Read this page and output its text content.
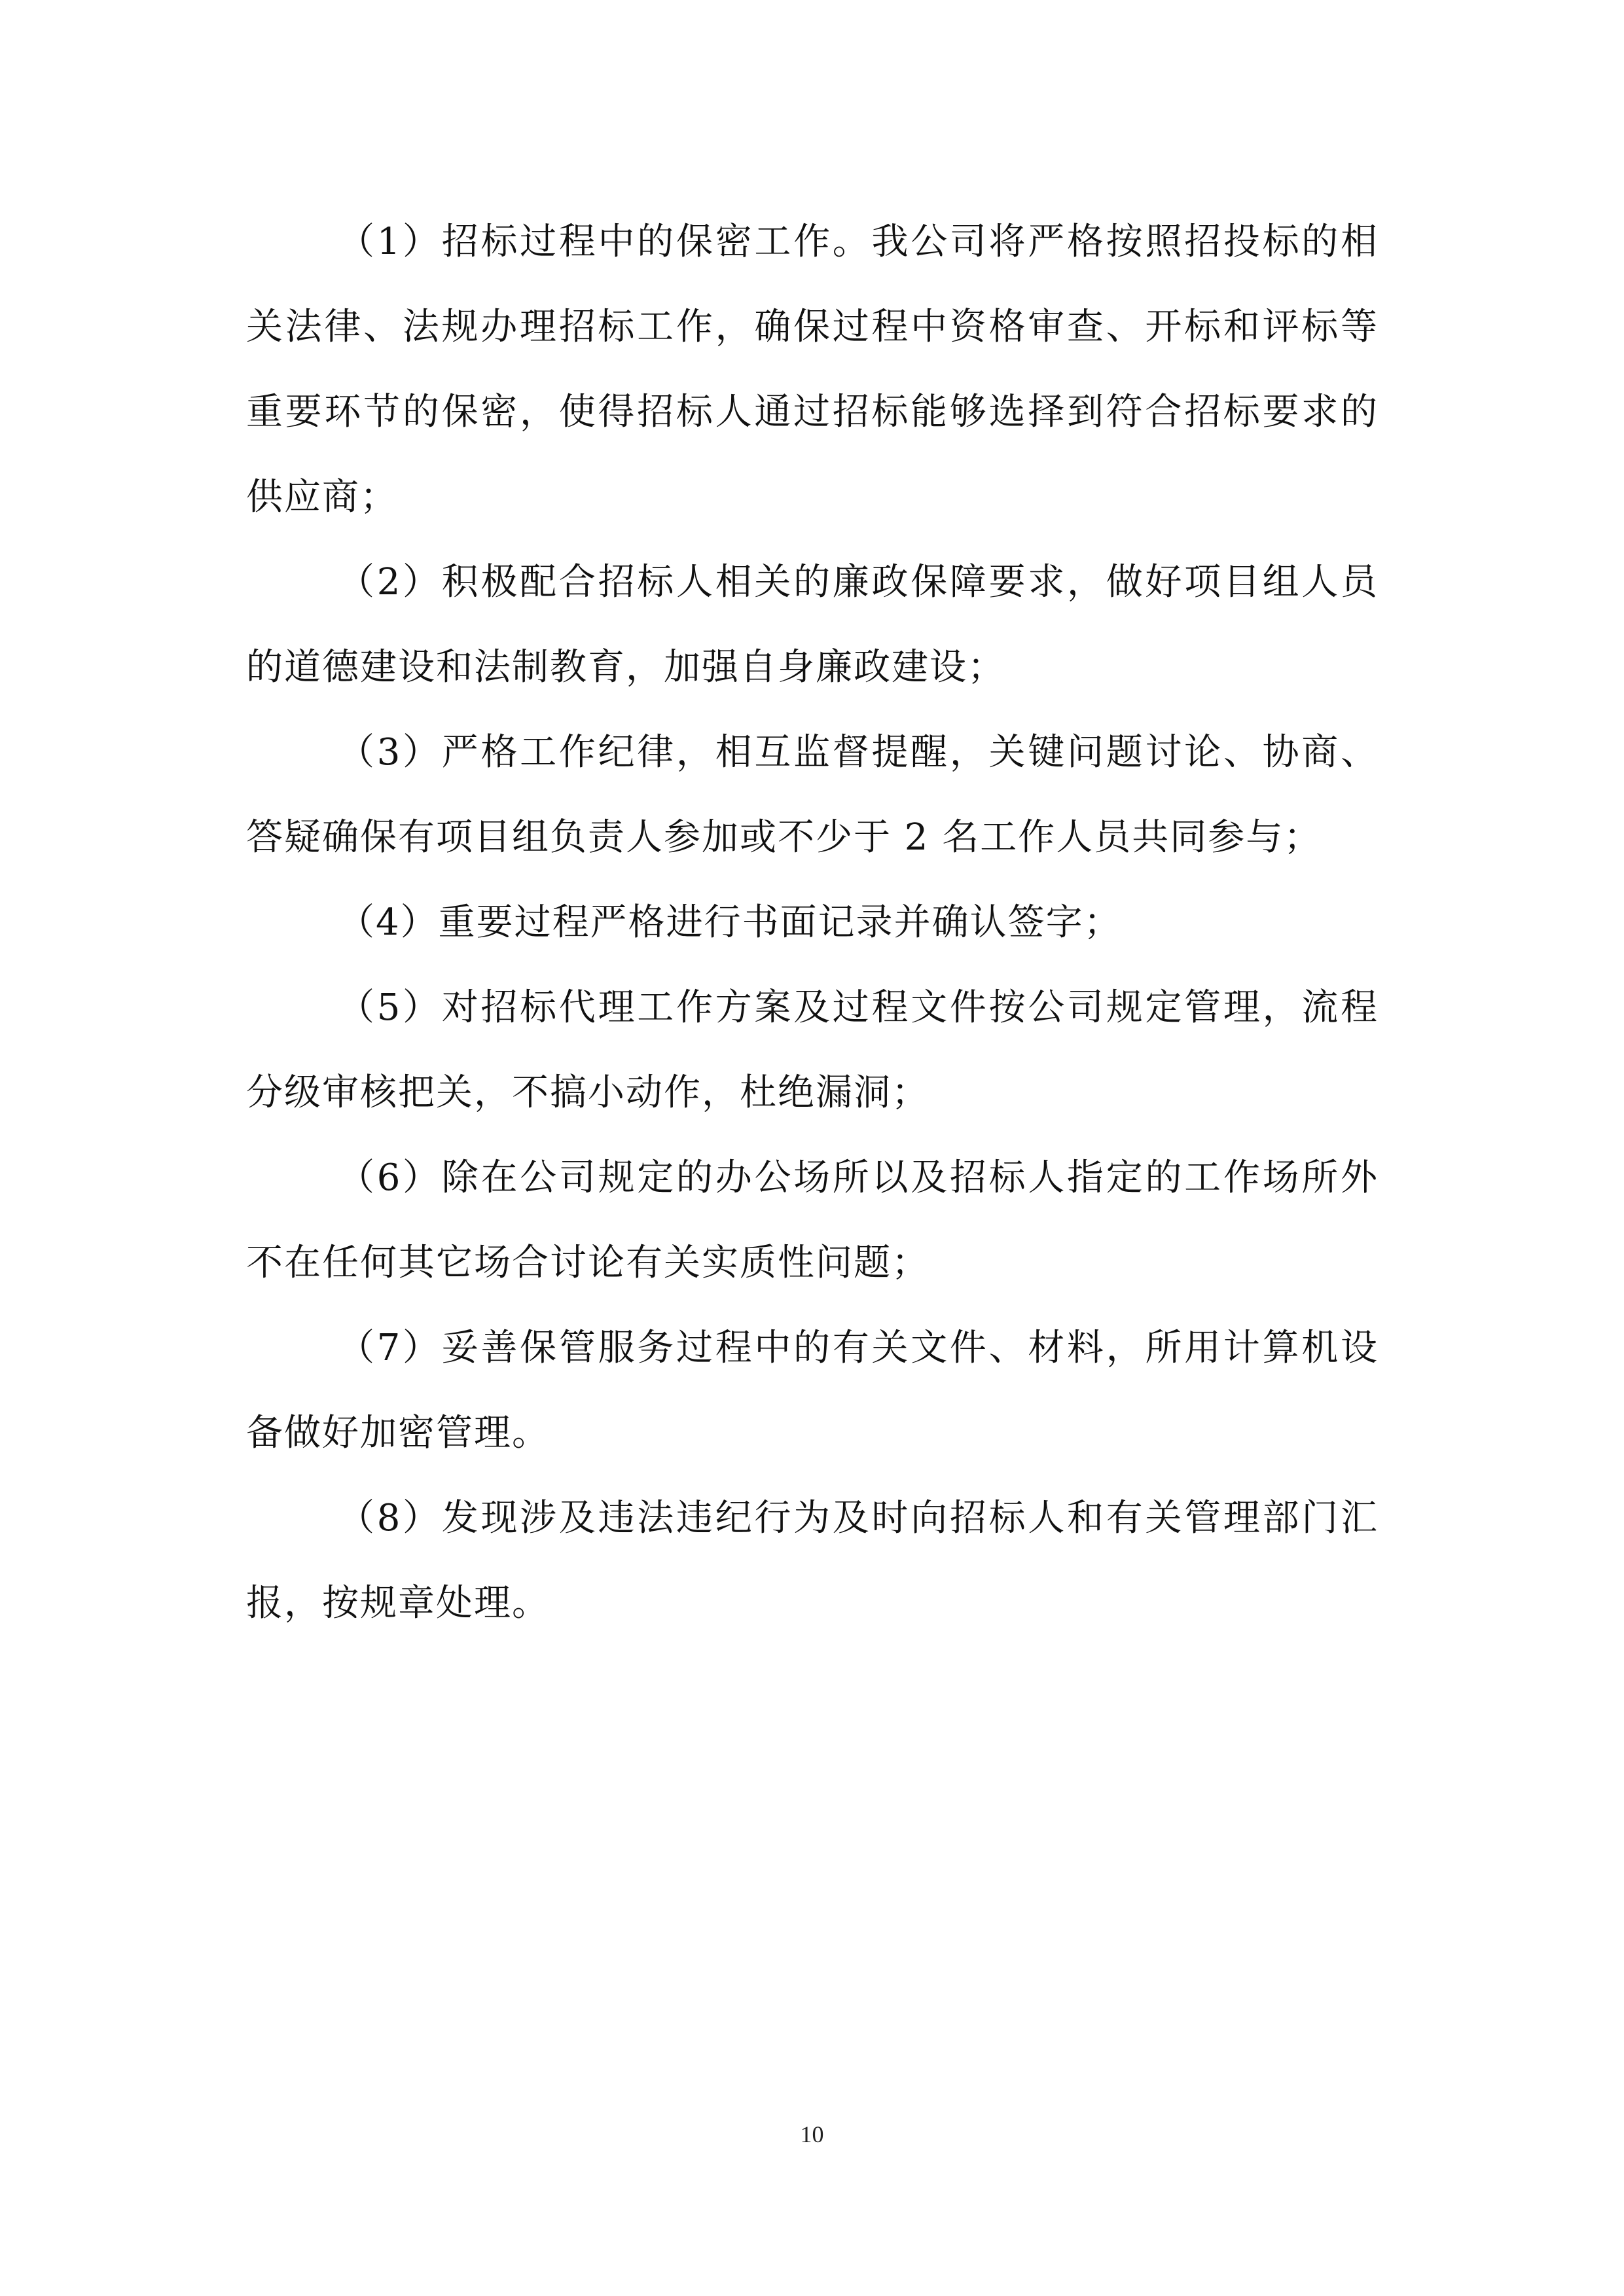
（1）招标过程中的保密工作。我公司将严格按照招投标的相关法律、法规办理招标工作，确保过程中资格审查、开标和评标等重要环节的保密，使得招标人通过招标能够选择到符合招标要求的供应商；

（2）积极配合招标人相关的廉政保障要求，做好项目组人员的道德建设和法制教育，加强自身廉政建设；

（3）严格工作纪律，相互监督提醒，关键问题讨论、协商、答疑确保有项目组负责人参加或不少于 2 名工作人员共同参与；

（4）重要过程严格进行书面记录并确认签字；

（5）对招标代理工作方案及过程文件按公司规定管理，流程分级审核把关，不搞小动作，杜绝漏洞；

（6）除在公司规定的办公场所以及招标人指定的工作场所外不在任何其它场合讨论有关实质性问题；

（7）妥善保管服务过程中的有关文件、材料，所用计算机设备做好加密管理。

（8）发现涉及违法违纪行为及时向招标人和有关管理部门汇报，按规章处理。

10
